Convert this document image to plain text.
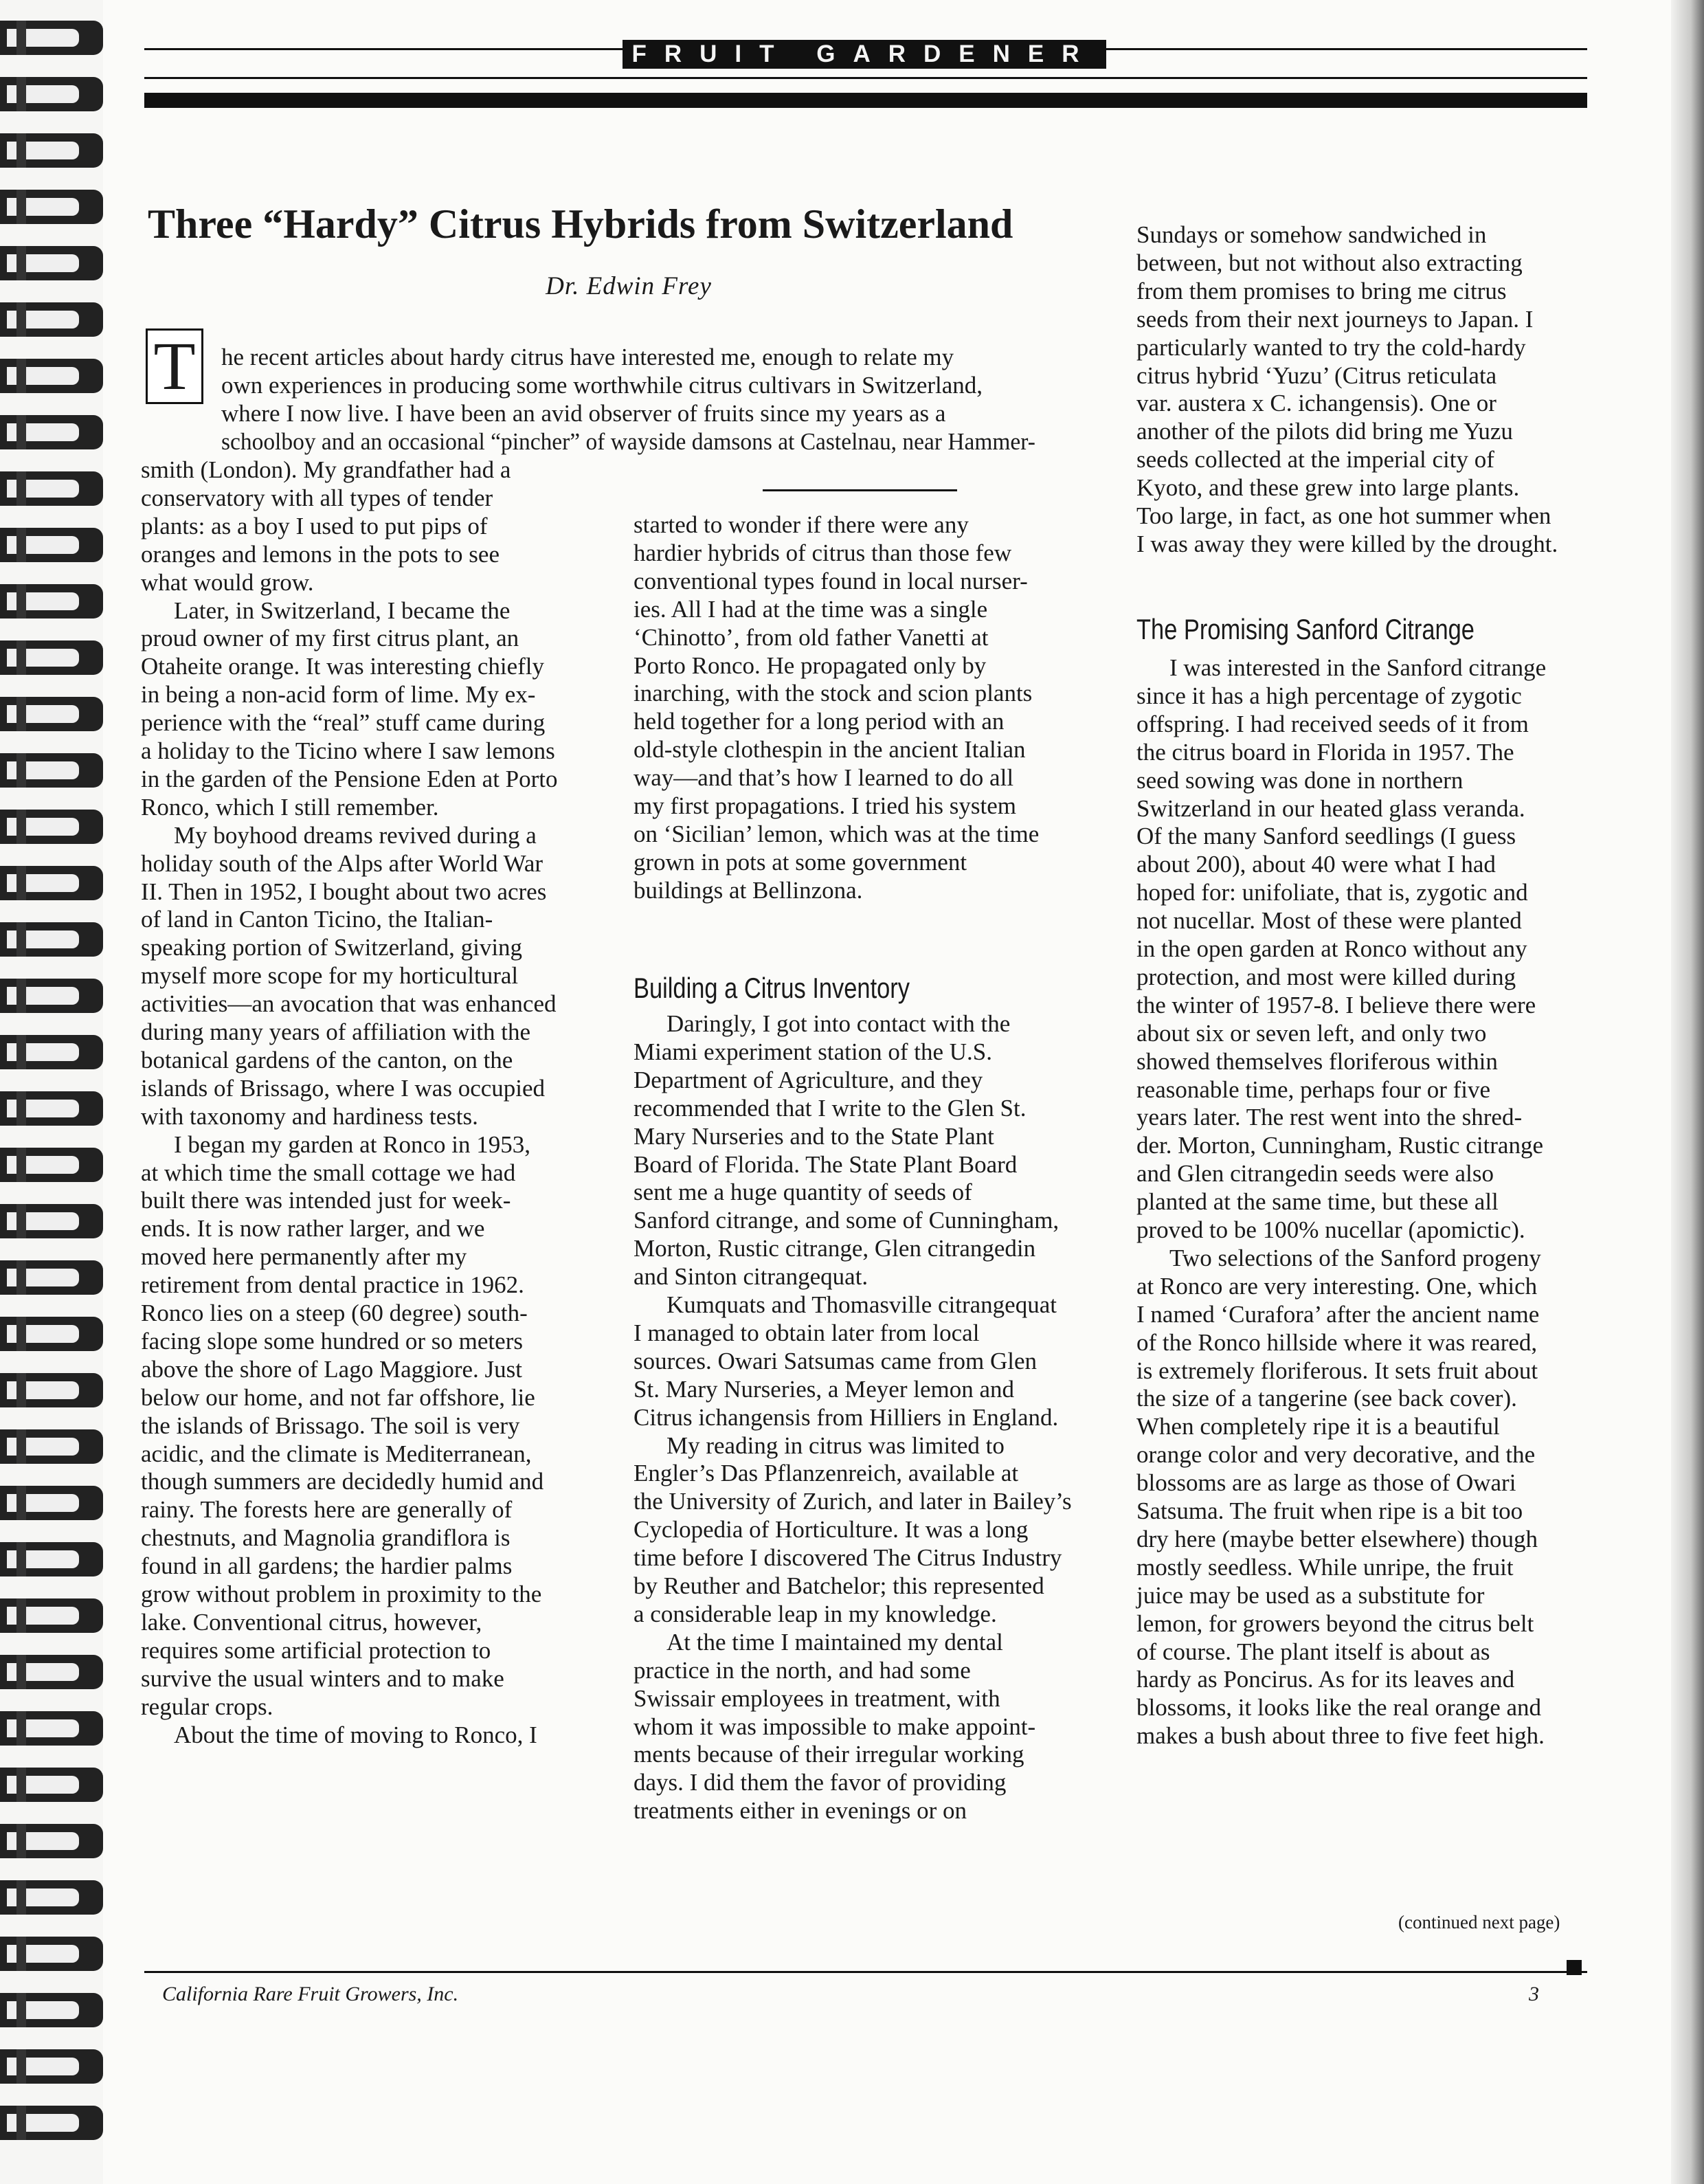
FRUIT GARDENER
Three “Hardy” Citrus Hybrids from Switzerland
Dr. Edwin Frey
T	he recent articles about hardy citrus have interested me, enough to relate my
own experiences in producing some worthwhile citrus cultivars in Switzerland,
where I now live. I have been an avid observer of fruits since my years as a
schoolboy and an occasional “pincher” of wayside damsons at Castelnau, near Hammer-
smith (London). My grandfather had a
conservatory with all types of tender
plants: as a boy I used to put pips of
oranges and lemons in the pots to see
what would grow.
Later, in Switzerland, I became the
proud owner of my first citrus plant, an
Otaheite orange. It was interesting chiefly
in being a non-acid form of lime. My ex-
perience with the “real” stuff came during
a holiday to the Ticino where I saw lemons
in the garden of the Pensione Eden at Porto
Ronco, which I still remember.
My boyhood dreams revived during a
holiday south of the Alps after World War
II. Then in 1952, I bought about two acres
of land in Canton Ticino, the Italian-
speaking portion of Switzerland, giving
myself more scope for my horticultural
activities—an avocation that was enhanced
during many years of affiliation with the
botanical gardens of the canton, on the
islands of Brissago, where I was occupied
with taxonomy and hardiness tests.
I began my garden at Ronco in 1953,
at which time the small cottage we had
built there was intended just for week-
ends. It is now rather larger, and we
moved here permanently after my
retirement from dental practice in 1962.
Ronco lies on a steep (60 degree) south-
facing slope some hundred or so meters
above the shore of Lago Maggiore. Just
below our home, and not far offshore, lie
the islands of Brissago. The soil is very
acidic, and the climate is Mediterranean,
though summers are decidedly humid and
rainy. The forests here are generally of
chestnuts, and Magnolia grandiflora is
found in all gardens; the hardier palms
grow without problem in proximity to the
lake. Conventional citrus, however,
requires some artificial protection to
survive the usual winters and to make
regular crops.
About the time of moving to Ronco, I
started to wonder if there were any
hardier hybrids of citrus than those few
conventional types found in local nurser-
ies. All I had at the time was a single
‘Chinotto’, from old father Vanetti at
Porto Ronco. He propagated only by
inarching, with the stock and scion plants
held together for a long period with an
old-style clothespin in the ancient Italian
way—and that’s how I learned to do all
my first propagations. I tried his system
on ‘Sicilian’ lemon, which was at the time
grown in pots at some government
buildings at Bellinzona.
Daringly, I got into contact with the
Miami experiment station of the U.S.
Department of Agriculture, and they
recommended that I write to the Glen St.
Mary Nurseries and to the State Plant
Board of Florida. The State Plant Board
sent me a huge quantity of seeds of
Sanford citrange, and some of Cunningham,
Morton, Rustic citrange, Glen citrangedin
and Sinton citrangequat.
Kumquats and Thomasville citrangequat
I managed to obtain later from local
sources. Owari Satsumas came from Glen
St. Mary Nurseries, a Meyer lemon and
Citrus ichangensis from Hilliers in England.
My reading in citrus was limited to
Engler’s Das Pflanzenreich, available at
the University of Zurich, and later in Bailey’s
Cyclopedia of Horticulture. It was a long
time before I discovered The Citrus Industry
by Reuther and Batchelor; this represented
a considerable leap in my knowledge.
At the time I maintained my dental
practice in the north, and had some
Swissair employees in treatment, with
whom it was impossible to make appoint-
ments because of their irregular working
days. I did them the favor of providing
treatments either in evenings or on
Sundays or somehow sandwiched in
between, but not without also extracting
from them promises to bring me citrus
seeds from their next journeys to Japan. I
particularly wanted to try the cold-hardy
citrus hybrid ‘Yuzu’ (Citrus reticulata
var. austera x C. ichangensis). One or
another of the pilots did bring me Yuzu
seeds collected at the imperial city of
Kyoto, and these grew into large plants.
Too large, in fact, as one hot summer when
I was away they were killed by the drought.
I was interested in the Sanford citrange
since it has a high percentage of zygotic
offspring. I had received seeds of it from
the citrus board in Florida in 1957. The
seed sowing was done in northern
Switzerland in our heated glass veranda.
Of the many Sanford seedlings (I guess
about 200), about 40 were what I had
hoped for: unifoliate, that is, zygotic and
not nucellar. Most of these were planted
in the open garden at Ronco without any
protection, and most were killed during
the winter of 1957-8. I believe there were
about six or seven left, and only two
showed themselves floriferous within
reasonable time, perhaps four or five
years later. The rest went into the shred-
der. Morton, Cunningham, Rustic citrange
and Glen citrangedin seeds were also
planted at the same time, but these all
proved to be 100% nucellar (apomictic).
Two selections of the Sanford progeny
at Ronco are very interesting. One, which
I named ‘Curafora’ after the ancient name
of the Ronco hillside where it was reared,
is extremely floriferous. It sets fruit about
the size of a tangerine (see back cover).
When completely ripe it is a beautiful
orange color and very decorative, and the
blossoms are as large as those of Owari
Satsuma. The fruit when ripe is a bit too
dry here (maybe better elsewhere) though
mostly seedless. While unripe, the fruit
juice may be used as a substitute for
lemon, for growers beyond the citrus belt
of course. The plant itself is about as
hardy as Poncirus. As for its leaves and
blossoms, it looks like the real orange and
makes a bush about three to five feet high.
Building a Citrus Inventory
The Promising Sanford Citrange
(continued next page)
California Rare Fruit Growers, Inc.	3
